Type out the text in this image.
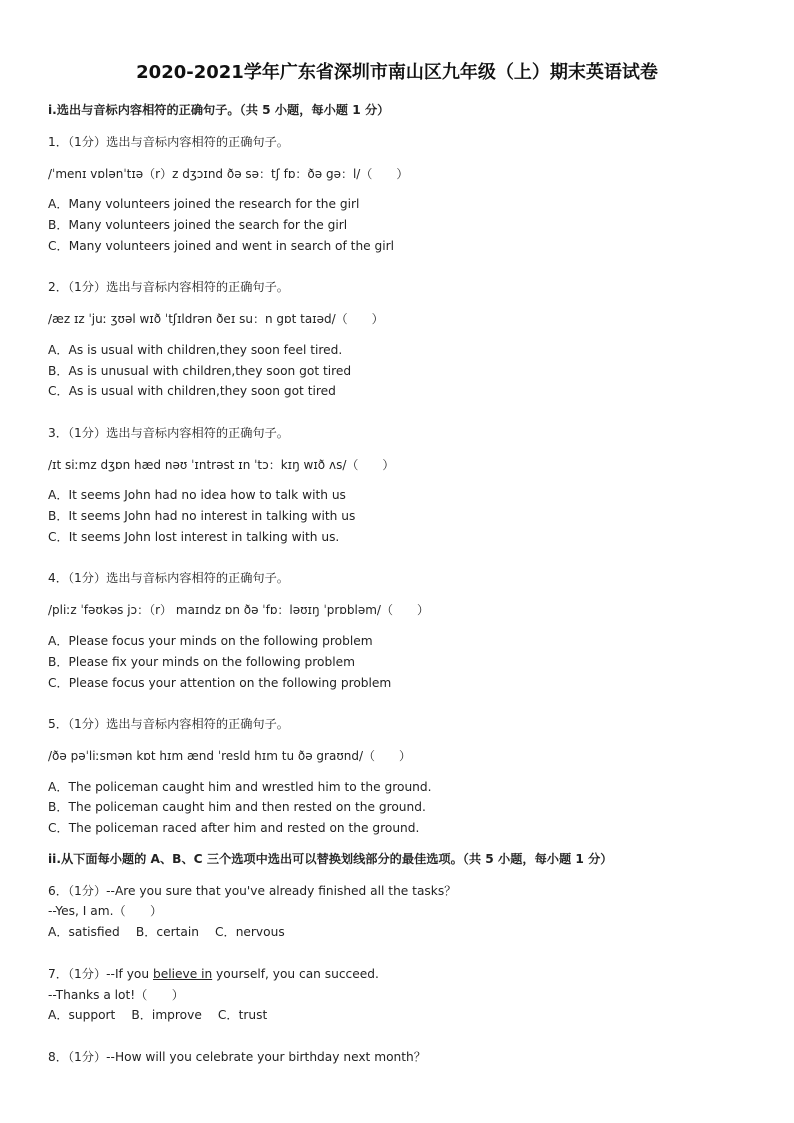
2020-2021学年广东省深圳市南山区九年级（上）期末英语试卷
i.选出与音标内容相符的正确句子。（共 5 小题，每小题 1 分）
1．（1分）选出与音标内容相符的正确句子。
/ˈmenɪ vɒlənˈtɪə（r）z dʒɔɪnd ðə sə：tʃ fɒ：ðə gə：l/（　　）
A．Many volunteers joined the research for the girl
B．Many volunteers joined the search for the girl
C．Many volunteers joined and went in search of the girl
2．（1分）选出与音标内容相符的正确句子。
/æz ɪz ˈjuː ʒʊəl wɪð ˈtʃɪldrən ðeɪ su：n gɒt taɪəd/（　　）
A．As is usual with children,they soon feel tired.
B．As is unusual with children,they soon got tired
C．As is usual with children,they soon got tired
3．（1分）选出与音标内容相符的正确句子。
/ɪt siːmz dʒɒn hæd nəʊ ˈɪntrəst ɪn ˈtɔ：kɪŋ wɪð ʌs/（　　）
A．It seems John had no idea how to talk with us
B．It seems John had no interest in talking with us
C．It seems John lost interest in talking with us.
4．（1分）选出与音标内容相符的正确句子。
/pliːz ˈfəʊkəs jɔ：（r） maɪndz ɒn ðə ˈfɒ：ləʊɪŋ ˈprɒbləm/（　　）
A．Please focus your minds on the following problem
B．Please fix your minds on the following problem
C．Please focus your attention on the following problem
5．（1分）选出与音标内容相符的正确句子。
/ðə pəˈliːsmən kɒt hɪm ænd ˈresld hɪm tu ðə graʊnd/（　　）
A．The policeman caught him and wrestled him to the ground.
B．The policeman caught him and then rested on the ground.
C．The policeman raced after him and rested on the ground.
ii.从下面每小题的 A、B、C 三个选项中选出可以替换划线部分的最佳选项。（共 5 小题，每小题 1 分）
6．（1分）--Are you sure that you've already finished all the tasks？
--Yes, I am.（　　）
A．satisfied　 B．certain　 C．nervous
7．（1分）--If you believe in yourself, you can succeed.
--Thanks a lot!（　　）
A．support　 B．improve　 C．trust
8．（1分）--How will you celebrate your birthday next month？
